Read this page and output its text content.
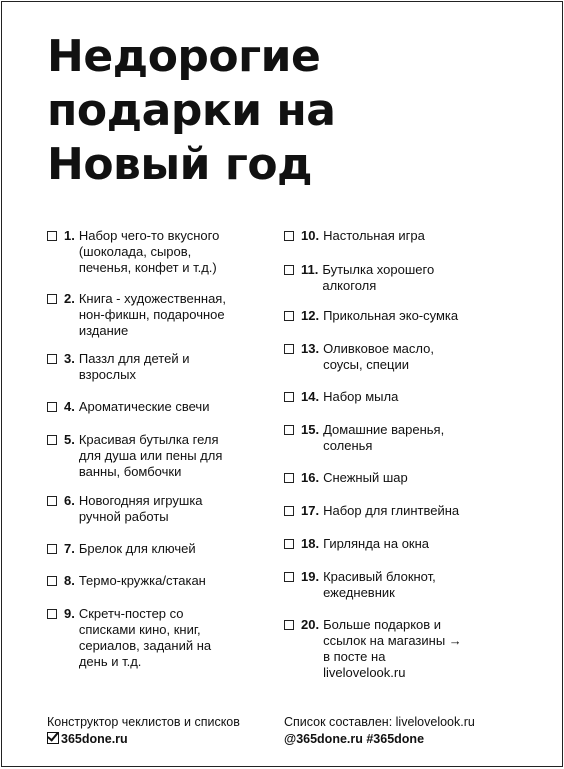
Недорогие
подарки на
Новый год
1. Набор чего-то вкусного
(шоколада, сыров,
печенья, конфет и т.д.)
2. Книга - художественная,
нон-фикшн, подарочное
издание
3. Паззл для детей и
взрослых
4. Ароматические свечи
5. Красивая бутылка геля
для душа или пены для
ванны, бомбочки
6. Новогодняя игрушка
ручной работы
7. Брелок для ключей
8. Термо-кружка/стакан
9. Скретч-постер со
списками кино, книг,
сериалов, заданий на
день и т.д.
10. Настольная игра
11. Бутылка хорошего
алкоголя
12. Прикольная эко-сумка
13. Оливковое масло,
соусы, специи
14. Набор мыла
15. Домашние варенья,
соленья
16. Снежный шар
17. Набор для глинтвейна
18. Гирлянда на окна
19. Красивый блокнот,
ежедневник
20. Больше подарков и
ссылок на магазины →
в посте на
livelovelook.ru
Конструктор чеклистов и списков
365done.ru
Список составлен: livelovelook.ru
@365done.ru #365done
